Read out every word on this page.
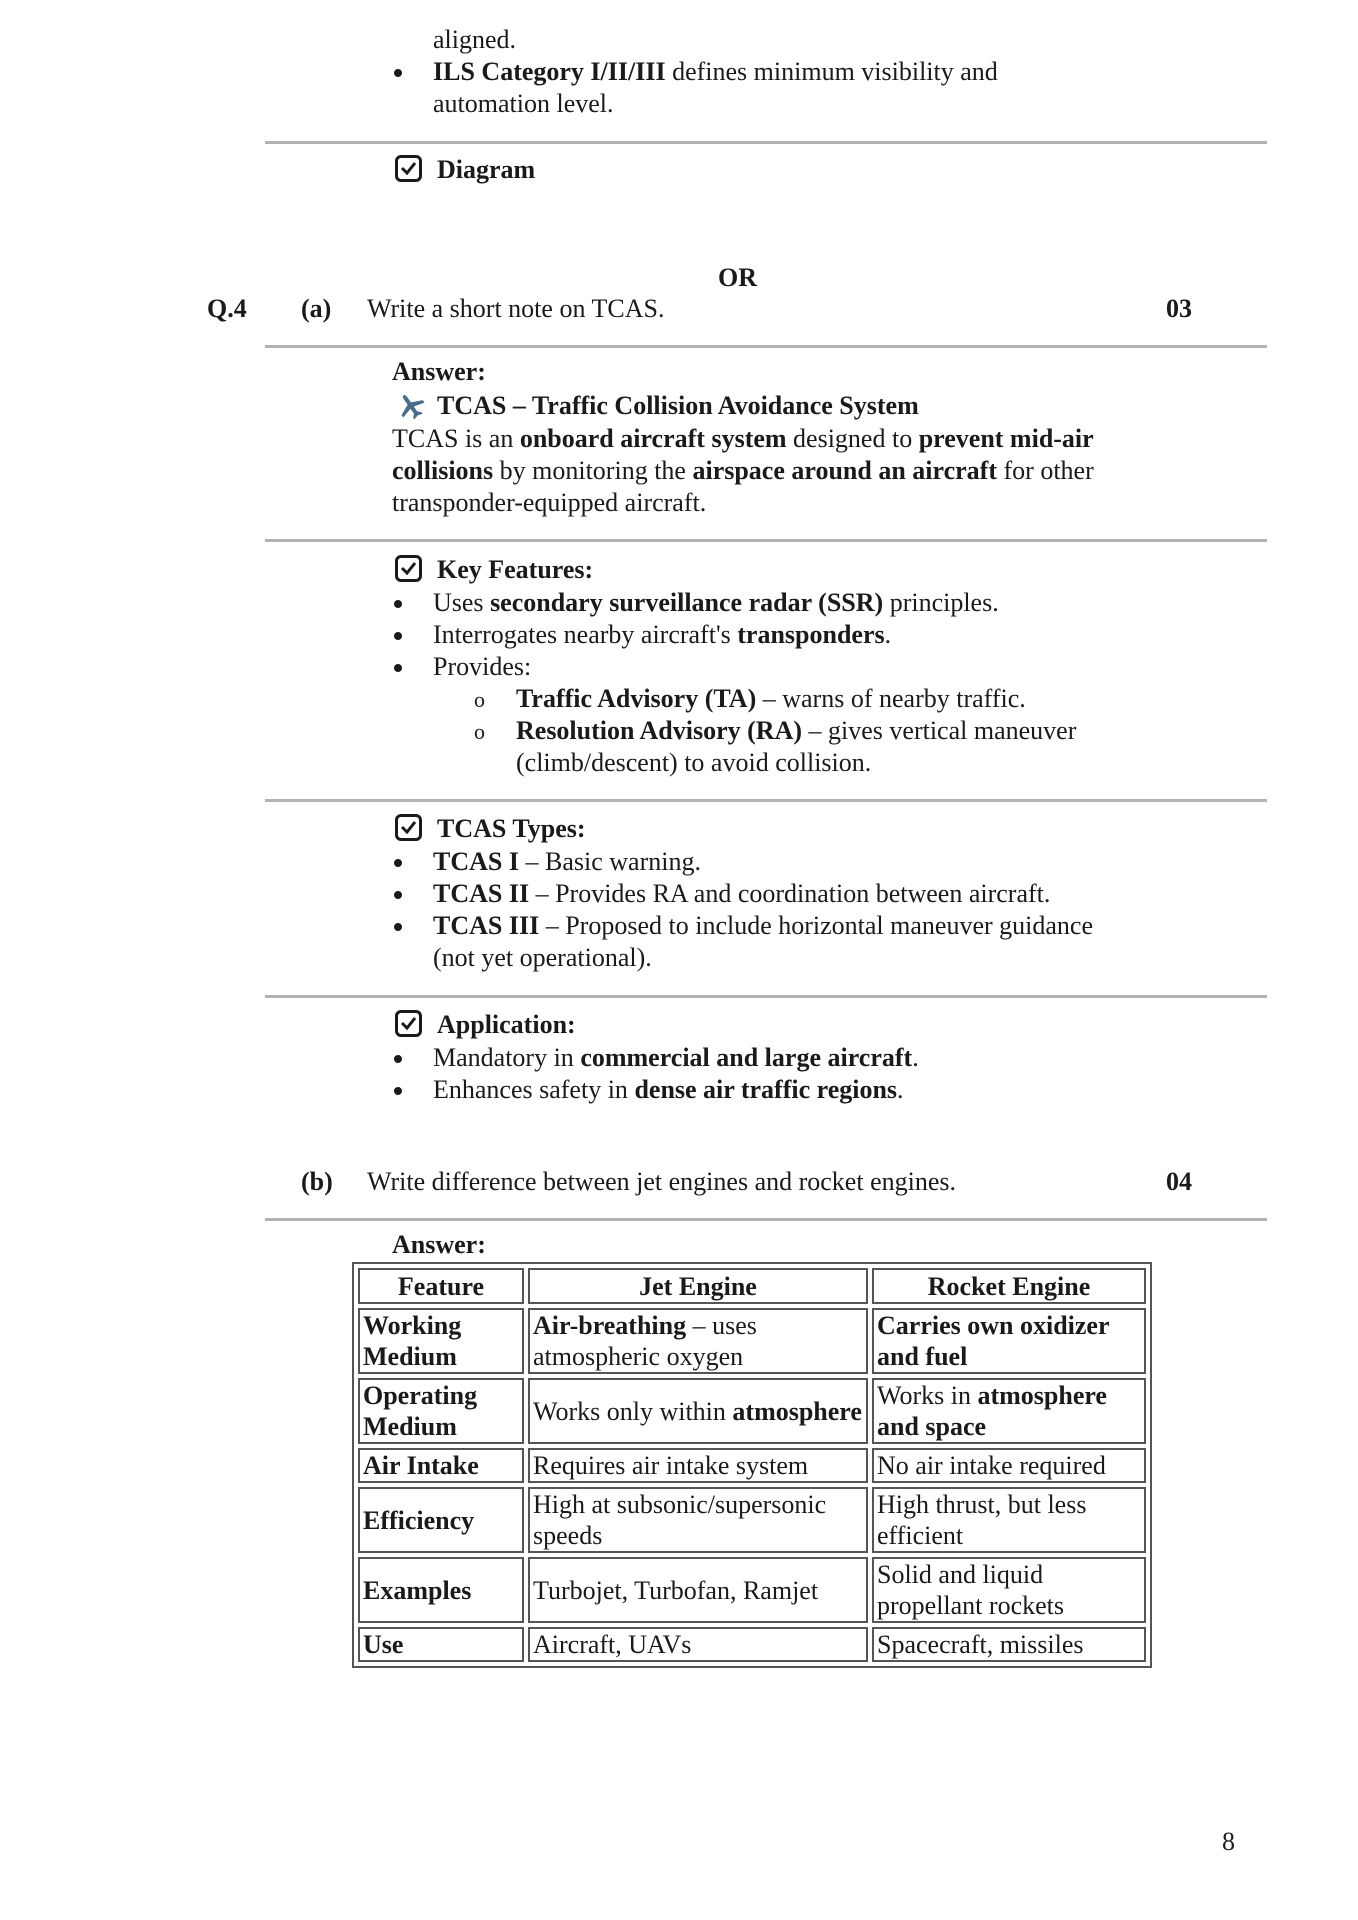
aligned.
ILS Category I/II/III defines minimum visibility and
automation level.
Diagram
OR
Q.4 (a) Write a short note on TCAS.	03
Answer:
TCAS – Traffic Collision Avoidance System
TCAS is an onboard aircraft system designed to prevent mid-air
collisions by monitoring the airspace around an aircraft for other
transponder-equipped aircraft.
Key Features:
Uses secondary surveillance radar (SSR) principles.
Interrogates nearby aircraft's transponders.
Provides:
o Traffic Advisory (TA) – warns of nearby traffic.
o Resolution Advisory (RA) – gives vertical maneuver
(climb/descent) to avoid collision.
TCAS Types:
TCAS I – Basic warning.
TCAS II – Provides RA and coordination between aircraft.
TCAS III – Proposed to include horizontal maneuver guidance
(not yet operational).
Application:
Mandatory in commercial and large aircraft.
Enhances safety in dense air traffic regions.
(b) Write difference between jet engines and rocket engines.	04
Answer:
Feature	Jet Engine	Rocket Engine
Working Medium	Air-breathing – uses atmospheric oxygen	Carries own oxidizer and fuel
Operating Medium	Works only within atmosphere	Works in atmosphere and space
Air Intake	Requires air intake system	No air intake required
Efficiency	High at subsonic/supersonic speeds	High thrust, but less efficient
Examples	Turbojet, Turbofan, Ramjet	Solid and liquid propellant rockets
Use	Aircraft, UAVs	Spacecraft, missiles
8
